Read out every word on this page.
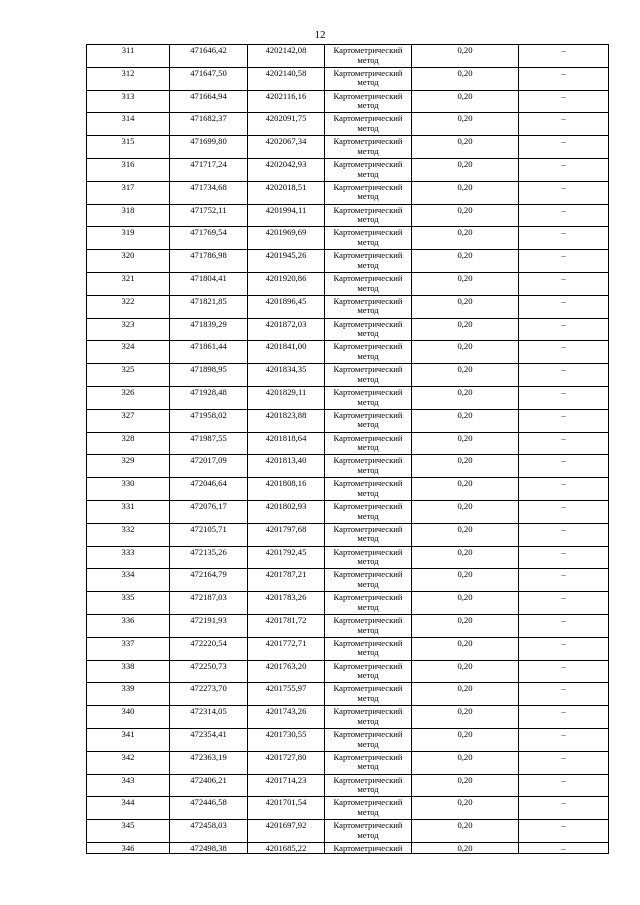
12
311	471646,42	4202142,08	Картометрический метод	0,20	–
312	471647,50	4202140,58	Картометрический метод	0,20	–
313	471664,94	4202116,16	Картометрический метод	0,20	–
314	471682,37	4202091,75	Картометрический метод	0,20	–
315	471699,80	4202067,34	Картометрический метод	0,20	–
316	471717,24	4202042,93	Картометрический метод	0,20	–
317	471734,68	4202018,51	Картометрический метод	0,20	–
318	471752,11	4201994,11	Картометрический метод	0,20	–
319	471769,54	4201969,69	Картометрический метод	0,20	–
320	471786,98	4201945,26	Картометрический метод	0,20	–
321	471804,41	4201920,86	Картометрический метод	0,20	–
322	471821,85	4201896,45	Картометрический метод	0,20	–
323	471839,29	4201872,03	Картометрический метод	0,20	–
324	471861,44	4201841,00	Картометрический метод	0,20	–
325	471898,95	4201834,35	Картометрический метод	0,20	–
326	471928,48	4201829,11	Картометрический метод	0,20	–
327	471958,02	4201823,88	Картометрический метод	0,20	–
328	471987,55	4201818,64	Картометрический метод	0,20	–
329	472017,09	4201813,40	Картометрический метод	0,20	–
330	472046,64	4201808,16	Картометрический метод	0,20	–
331	472076,17	4201802,93	Картометрический метод	0,20	–
332	472105,71	4201797,68	Картометрический метод	0,20	–
333	472135,26	4201792,45	Картометрический метод	0,20	–
334	472164,79	4201787,21	Картометрический метод	0,20	–
335	472187,03	4201783,26	Картометрический метод	0,20	–
336	472191,93	4201781,72	Картометрический метод	0,20	–
337	472220,54	4201772,71	Картометрический метод	0,20	–
338	472250,73	4201763,20	Картометрический метод	0,20	–
339	472273,70	4201755,97	Картометрический метод	0,20	–
340	472314,05	4201743,26	Картометрический метод	0,20	–
341	472354,41	4201730,55	Картометрический метод	0,20	–
342	472363,19	4201727,80	Картометрический метод	0,20	–
343	472406,21	4201714,23	Картометрический метод	0,20	–
344	472446,58	4201701,54	Картометрический метод	0,20	–
345	472458,03	4201697,92	Картометрический метод	0,20	–
346	472498,38	4201685,22	Картометрический	0,20	–
